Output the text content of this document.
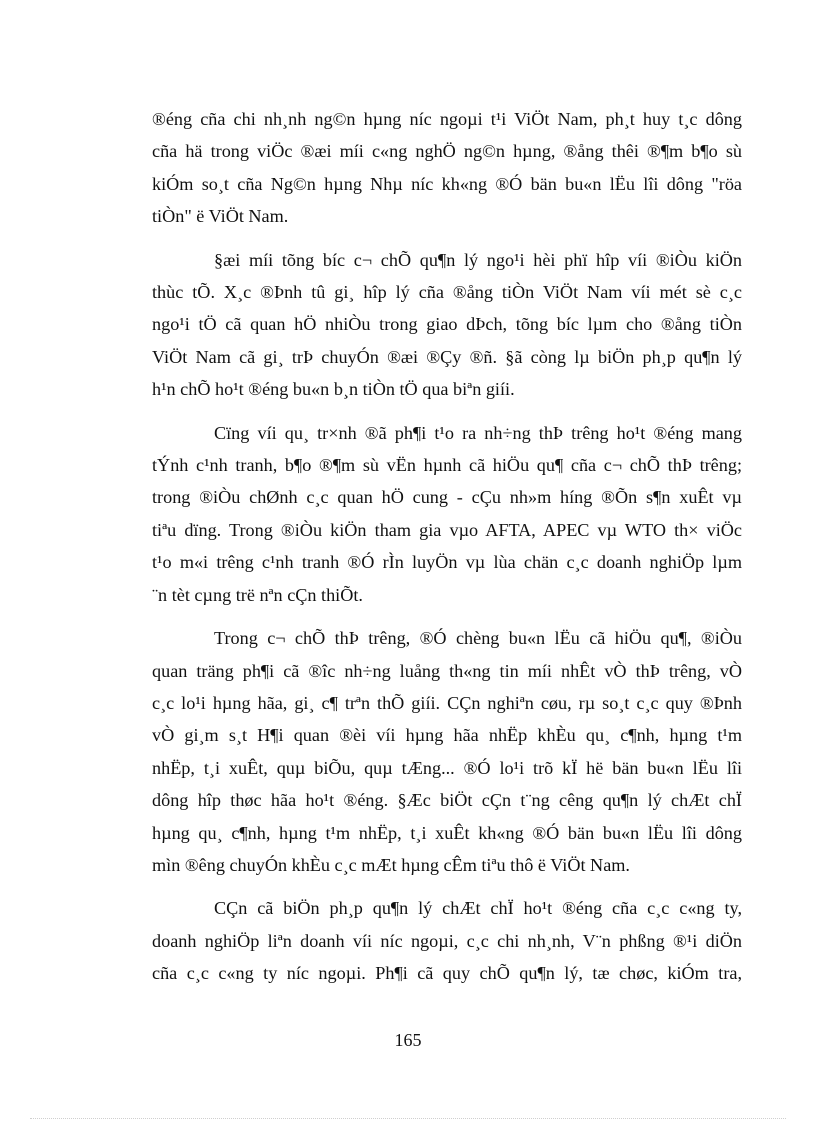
®éng cña chi nh¸nh ng©n hµng níc ngoµi t¹i ViÖt Nam, ph¸t huy t¸c dông
cña hä trong viÖc ®æi míi c«ng nghÖ ng©n hµng, ®ång thêi ®¶m b¶o sù
kiÓm so¸t cña Ng©n hµng Nhµ níc kh«ng ®Ó bän bu«n lËu lîi dông "röa
tiÒn" ë ViÖt Nam.
§æi míi tõng bíc c¬ chÕ qu¶n lý ngo¹i hèi phï hîp víi ®iÒu kiÖn
thùc tÕ. X¸c ®Þnh tû gi¸ hîp lý cña ®ång tiÒn ViÖt Nam víi mét sè c¸c
ngo¹i tÖ cã quan hÖ nhiÒu trong giao dÞch, tõng bíc lµm cho ®ång tiÒn
ViÖt Nam cã gi¸ trÞ chuyÓn ®æi ®Çy ®ñ. §ã còng lµ biÖn ph¸p qu¶n lý
h¹n chÕ ho¹t ®éng bu«n b¸n tiÒn tÖ qua biªn giíi.
Cïng víi qu¸ tr×nh ®ã ph¶i t¹o ra nh÷ng thÞ trêng ho¹t ®éng mang
tÝnh c¹nh tranh, b¶o ®¶m sù vËn hµnh cã hiÖu qu¶ cña c¬ chÕ thÞ trêng;
trong ®iÒu chØnh c¸c quan hÖ cung - cÇu nh»m híng ®Õn s¶n xuÊt vµ
tiªu dïng. Trong ®iÒu kiÖn tham gia vµo AFTA, APEC vµ WTO th× viÖc
t¹o m«i trêng c¹nh tranh ®Ó rÌn luyÖn vµ lùa chän c¸c doanh nghiÖp lµm
¨n tèt cµng trë nªn cÇn thiÕt.
Trong c¬ chÕ thÞ trêng, ®Ó chèng bu«n lËu cã hiÖu qu¶, ®iÒu
quan träng ph¶i cã ®îc nh÷ng luång th«ng tin míi nhÊt vÒ thÞ trêng, vÒ
c¸c lo¹i hµng hãa, gi¸ c¶ trªn thÕ giíi. CÇn nghiªn cøu, rµ so¸t c¸c quy ®Þnh
vÒ gi¸m s¸t H¶i quan ®èi víi hµng hãa nhËp khÈu qu¸ c¶nh, hµng t¹m
nhËp, t¸i xuÊt, quµ biÕu, quµ tÆng... ®Ó lo¹i trõ kÏ hë bän bu«n lËu lîi
dông hîp thøc hãa ho¹t ®éng. §Æc biÖt cÇn t¨ng cêng qu¶n lý chÆt chÏ
hµng qu¸ c¶nh, hµng t¹m nhËp, t¸i xuÊt kh«ng ®Ó bän bu«n lËu lîi dông
mìn ®êng chuyÓn khÈu c¸c mÆt hµng cÊm tiªu thô ë ViÖt Nam.
CÇn cã biÖn ph¸p qu¶n lý chÆt chÏ ho¹t ®éng cña c¸c c«ng ty,
doanh nghiÖp liªn doanh víi níc ngoµi, c¸c chi nh¸nh, V¨n phßng ®¹i diÖn
cña c¸c c«ng ty níc ngoµi. Ph¶i cã quy chÕ qu¶n lý, tæ chøc, kiÓm tra,
165
